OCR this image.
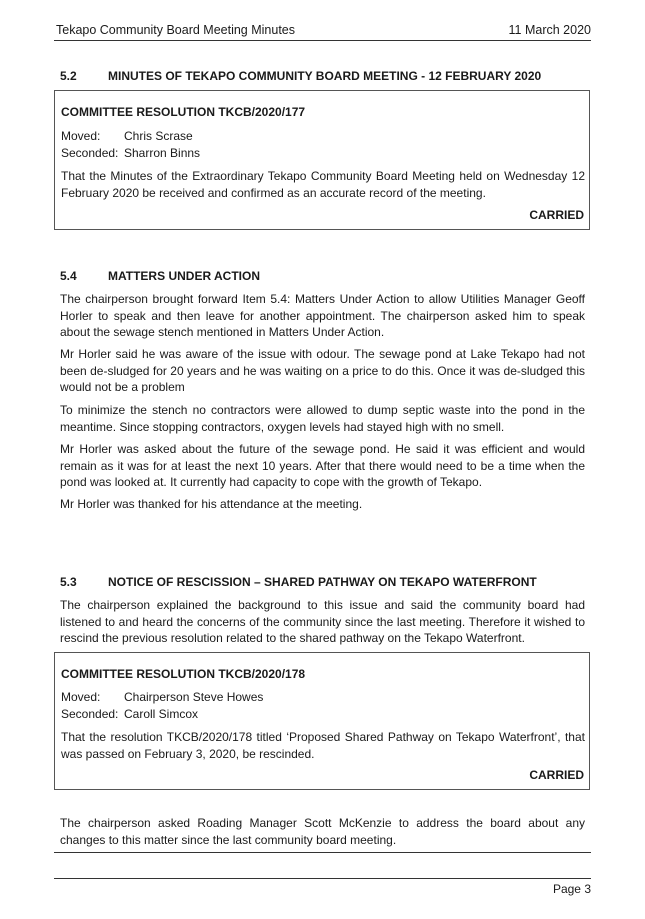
Tekapo Community Board Meeting Minutes	11 March 2020
5.2	MINUTES OF TEKAPO COMMUNITY BOARD MEETING - 12 FEBRUARY 2020
COMMITTEE RESOLUTION TKCB/2020/177
Moved: Chris Scrase
Seconded: Sharron Binns
That the Minutes of the Extraordinary Tekapo Community Board Meeting held on Wednesday 12 February 2020 be received and confirmed as an accurate record of the meeting.
CARRIED
5.4	MATTERS UNDER ACTION
The chairperson brought forward Item 5.4: Matters Under Action to allow Utilities Manager Geoff Horler to speak and then leave for another appointment. The chairperson asked him to speak about the sewage stench mentioned in Matters Under Action.
Mr Horler said he was aware of the issue with odour. The sewage pond at Lake Tekapo had not been de-sludged for 20 years and he was waiting on a price to do this. Once it was de-sludged this would not be a problem
To minimize the stench no contractors were allowed to dump septic waste into the pond in the meantime. Since stopping contractors, oxygen levels had stayed high with no smell.
Mr Horler was asked about the future of the sewage pond. He said it was efficient and would remain as it was for at least the next 10 years. After that there would need to be a time when the pond was looked at. It currently had capacity to cope with the growth of Tekapo.
Mr Horler was thanked for his attendance at the meeting.
5.3	NOTICE OF RESCISSION – SHARED PATHWAY ON TEKAPO WATERFRONT
The chairperson explained the background to this issue and said the community board had listened to and heard the concerns of the community since the last meeting. Therefore it wished to rescind the previous resolution related to the shared pathway on the Tekapo Waterfront.
COMMITTEE RESOLUTION TKCB/2020/178
Moved: Chairperson Steve Howes
Seconded: Caroll Simcox
That the resolution TKCB/2020/178 titled ‘Proposed Shared Pathway on Tekapo Waterfront’, that was passed on February 3, 2020, be rescinded.
CARRIED
The chairperson asked Roading Manager Scott McKenzie to address the board about any changes to this matter since the last community board meeting.
Page 3
